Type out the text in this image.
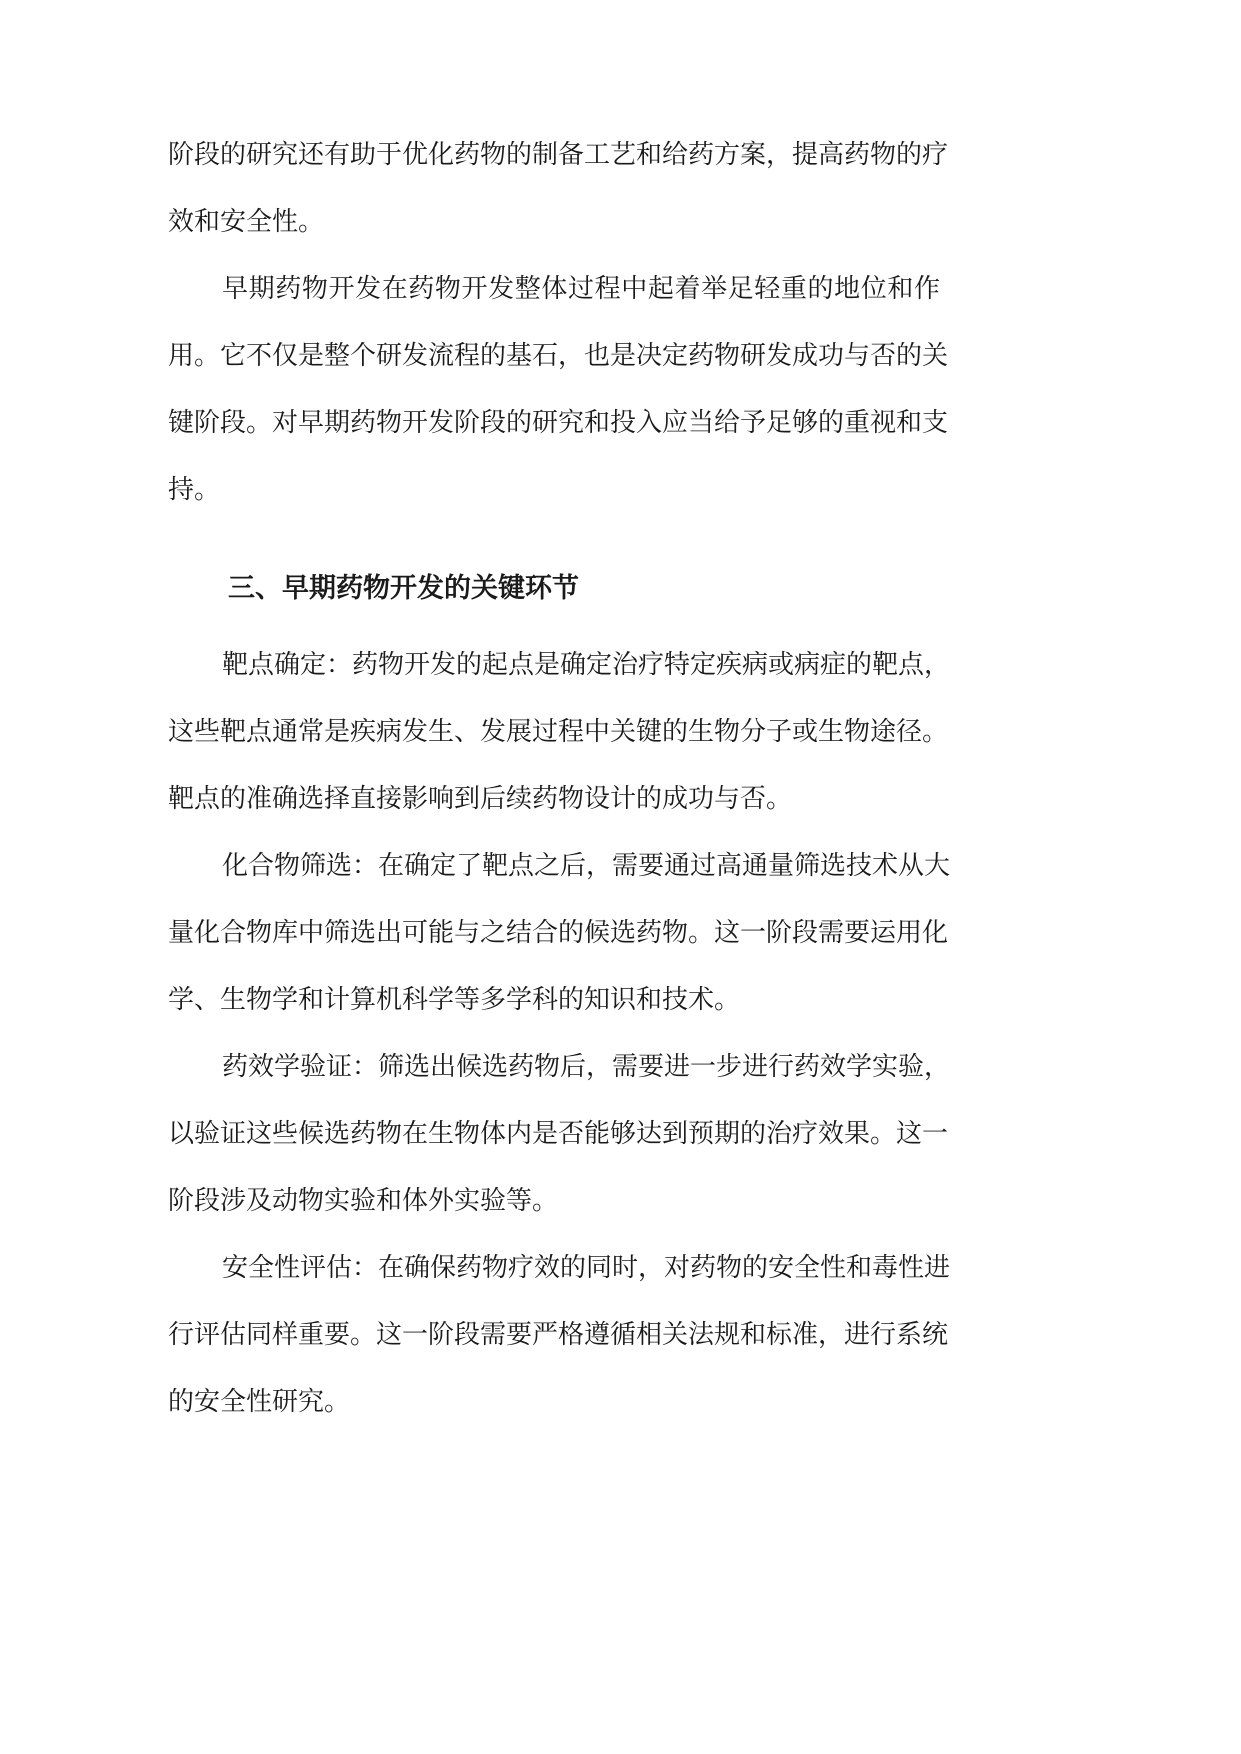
阶段的研究还有助于优化药物的制备工艺和给药方案，提高药物的疗
效和安全性。
早期药物开发在药物开发整体过程中起着举足轻重的地位和作
用。它不仅是整个研发流程的基石，也是决定药物研发成功与否的关
键阶段。对早期药物开发阶段的研究和投入应当给予足够的重视和支
持。
三、早期药物开发的关键环节
靶点确定：药物开发的起点是确定治疗特定疾病或病症的靶点，
这些靶点通常是疾病发生、发展过程中关键的生物分子或生物途径。
靶点的准确选择直接影响到后续药物设计的成功与否。
化合物筛选：在确定了靶点之后，需要通过高通量筛选技术从大
量化合物库中筛选出可能与之结合的候选药物。这一阶段需要运用化
学、生物学和计算机科学等多学科的知识和技术。
药效学验证：筛选出候选药物后，需要进一步进行药效学实验，
以验证这些候选药物在生物体内是否能够达到预期的治疗效果。这一
阶段涉及动物实验和体外实验等。
安全性评估：在确保药物疗效的同时，对药物的安全性和毒性进
行评估同样重要。这一阶段需要严格遵循相关法规和标准，进行系统
的安全性研究。
